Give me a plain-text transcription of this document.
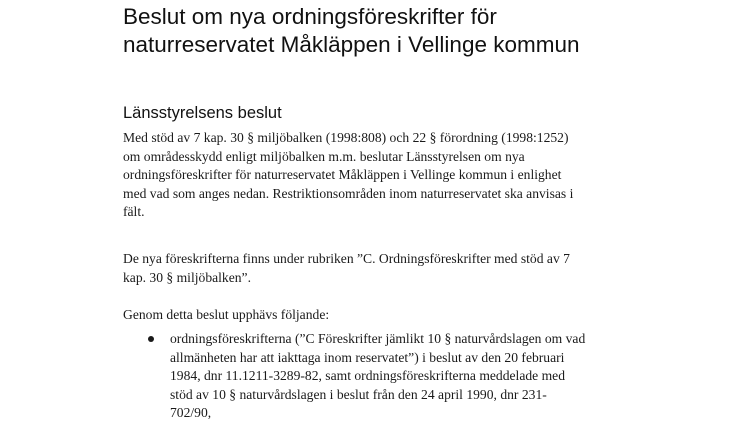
Beslut om nya ordningsföreskrifter för
naturreservatet Måkläppen i Vellinge kommun
Länsstyrelsens beslut

Med stöd av 7 kap. 30 § miljöbalken (1998:808) och 22 § förordning (1998:1252)
om områdesskydd enligt miljöbalken m.m. beslutar Länsstyrelsen om nya
ordningsföreskrifter för naturreservatet Måkläppen i Vellinge kommun i enlighet
med vad som anges nedan. Restriktionsområden inom naturreservatet ska anvisas i
fält.

De nya föreskrifterna finns under rubriken ”C. Ordningsföreskrifter med stöd av 7
kap. 30 § miljöbalken”.

Genom detta beslut upphävs följande:

ordningsföreskrifterna (”C Föreskrifter jämlikt 10 § naturvårdslagen om vad
allmänheten har att iakttaga inom reservatet”) i beslut av den 20 februari
1984, dnr 11.1211-3289-82, samt ordningsföreskrifterna meddelade med
stöd av 10 § naturvårdslagen i beslut från den 24 april 1990, dnr 231-
702/90,
